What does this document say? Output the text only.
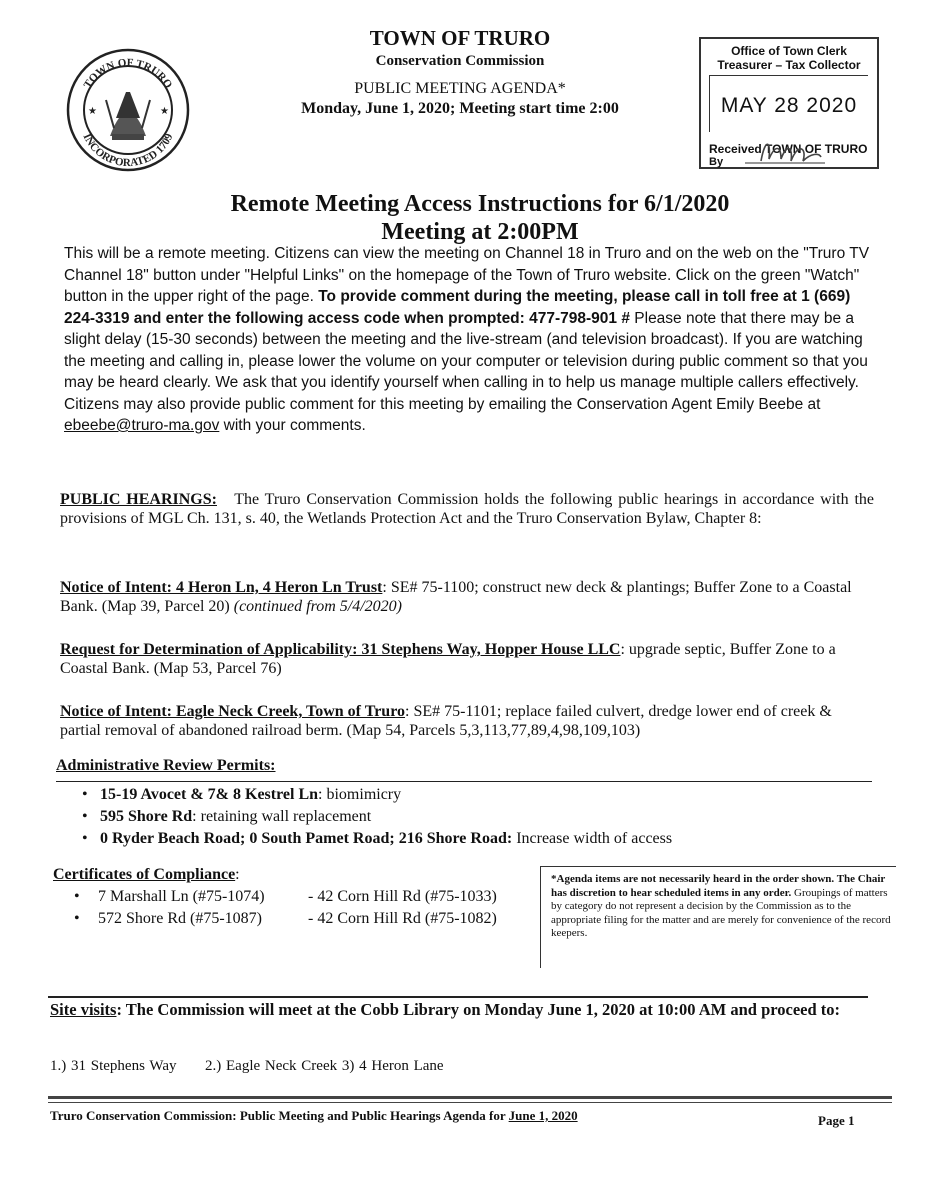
TOWN OF TRURO
INCORPORATED 1709
★	★
TOWN OF TRURO
Conservation Commission
PUBLIC MEETING AGENDA*
Monday, June 1, 2020; Meeting start time 2:00
Office of Town Clerk
Treasurer – Tax Collector
MAY 28 2020
Received TOWN OF TRURO
By
Remote Meeting Access Instructions for 6/1/2020
Meeting at 2:00PM
This will be a remote meeting. Citizens can view the meeting on Channel 18 in Truro and on the web on the "Truro TV Channel 18" button under "Helpful Links" on the homepage of the Town of Truro website. Click on the green "Watch" button in the upper right of the page. To provide comment during the meeting, please call in toll free at 1 (669) 224-3319 and enter the following access code when prompted: 477-798-901 # Please note that there may be a slight delay (15-30 seconds) between the meeting and the live-stream (and television broadcast). If you are watching the meeting and calling in, please lower the volume on your computer or television during public comment so that you may be heard clearly. We ask that you identify yourself when calling in to help us manage multiple callers effectively. Citizens may also provide public comment for this meeting by emailing the Conservation Agent Emily Beebe at ebeebe@truro-ma.gov with your comments.
PUBLIC HEARINGS: The Truro Conservation Commission holds the following public hearings in accordance with the provisions of MGL Ch. 131, s. 40, the Wetlands Protection Act and the Truro Conservation Bylaw, Chapter 8:
Notice of Intent: 4 Heron Ln, 4 Heron Ln Trust: SE# 75-1100; construct new deck & plantings; Buffer Zone to a Coastal Bank. (Map 39, Parcel 20) (continued from 5/4/2020)
Request for Determination of Applicability: 31 Stephens Way, Hopper House LLC: upgrade septic, Buffer Zone to a Coastal Bank. (Map 53, Parcel 76)
Notice of Intent: Eagle Neck Creek, Town of Truro: SE# 75-1101; replace failed culvert, dredge lower end of creek & partial removal of abandoned railroad berm. (Map 54, Parcels 5,3,113,77,89,4,98,109,103)
Administrative Review Permits:
• 15-19 Avocet & 7& 8 Kestrel Ln: biomimicry
• 595 Shore Rd: retaining wall replacement
• 0 Ryder Beach Road; 0 South Pamet Road; 216 Shore Road: Increase width of access
Certificates of Compliance:
•	7 Marshall Ln (#75-1074)	- 42 Corn Hill Rd (#75-1033)
•	572 Shore Rd (#75-1087)	- 42 Corn Hill Rd (#75-1082)
*Agenda items are not necessarily heard in the order shown. The Chair has discretion to hear scheduled items in any order. Groupings of matters by category do not represent a decision by the Commission as to the appropriate filing for the matter and are merely for convenience of the record keepers.
Site visits: The Commission will meet at the Cobb Library on Monday June 1, 2020 at 10:00 AM and proceed to:
1.) 31 Stephens Way 2.) Eagle Neck Creek 3) 4 Heron Lane
Truro Conservation Commission: Public Meeting and Public Hearings Agenda for June 1, 2020	Page 1
